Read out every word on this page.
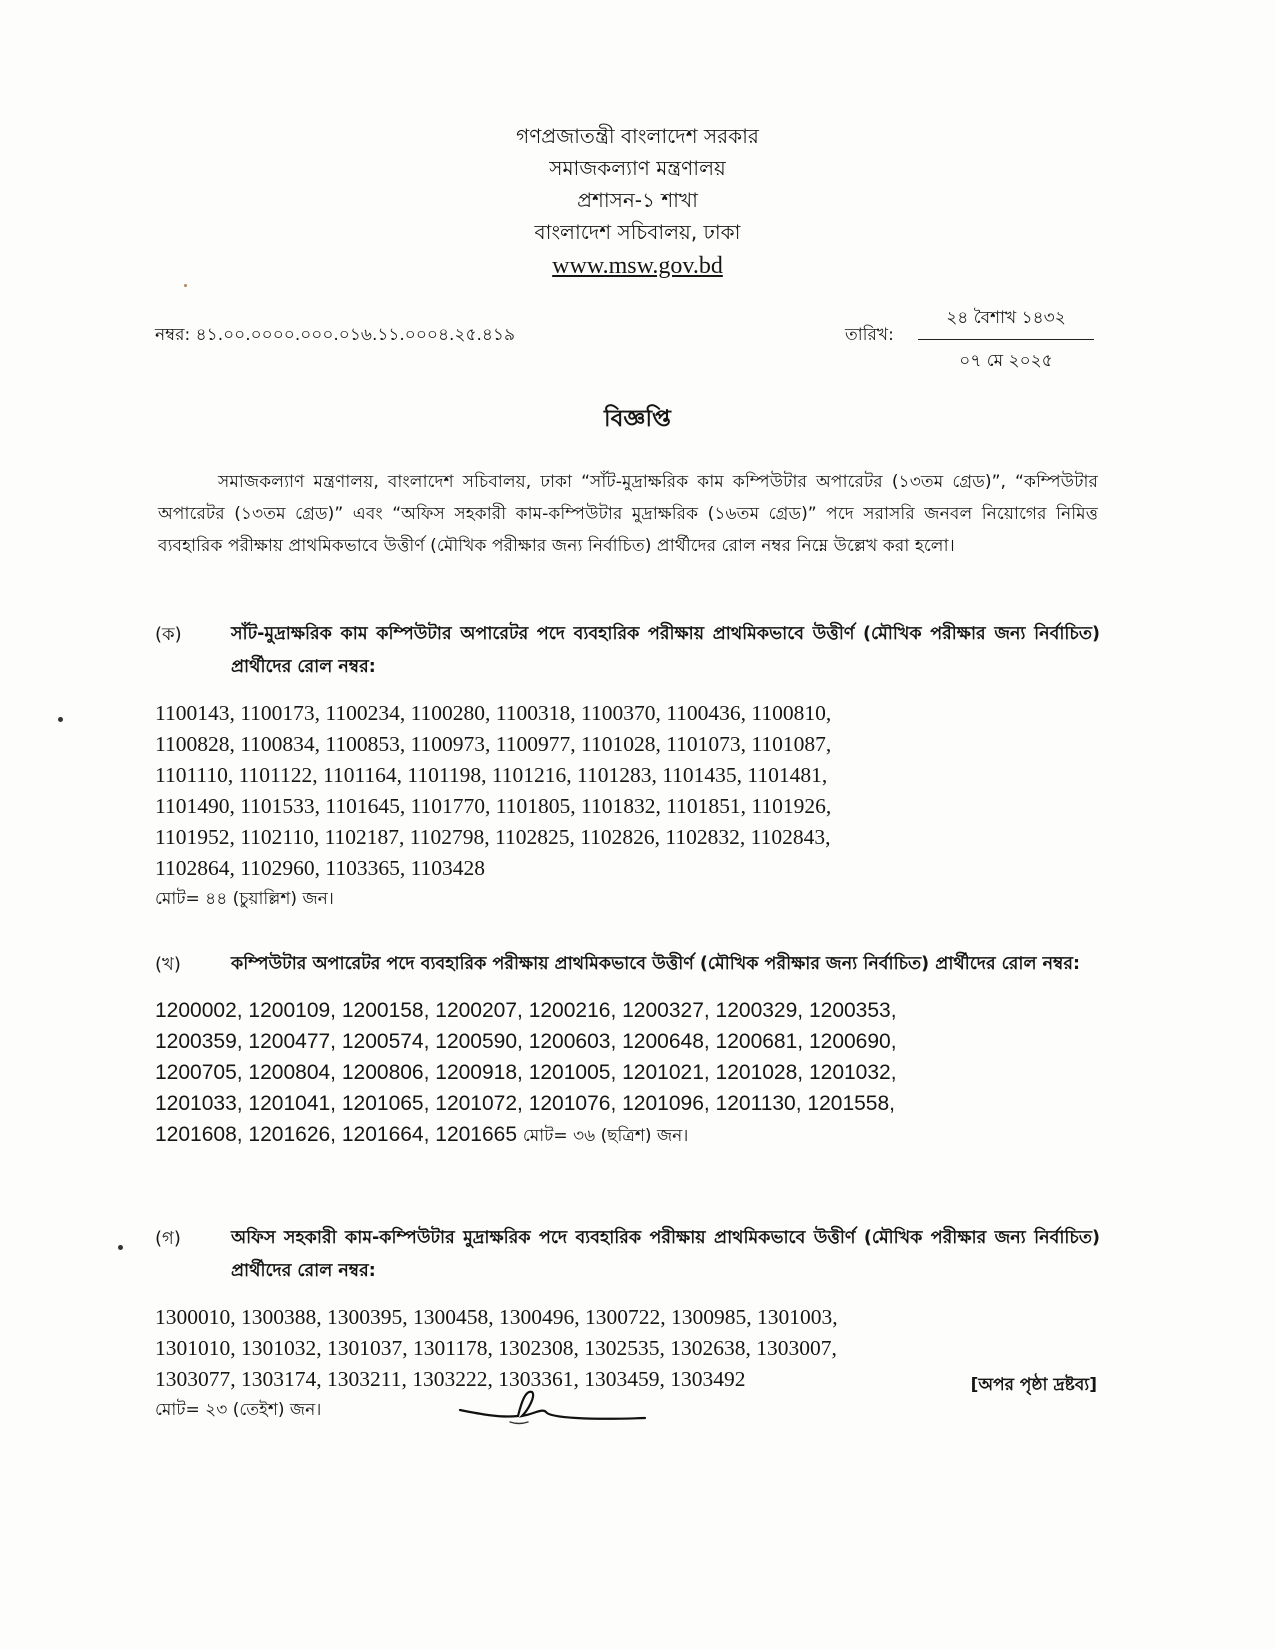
গণপ্রজাতন্ত্রী বাংলাদেশ সরকার
সমাজকল্যাণ মন্ত্রণালয়
প্রশাসন-১ শাখা
বাংলাদেশ সচিবালয়, ঢাকা
www.msw.gov.bd
নম্বর: ৪১.০০.০০০০.০০০.০১৬.১১.০০০৪.২৫.৪১৯	তারিখ:
২৪ বৈশাখ ১৪৩২
০৭ মে ২০২৫
বিজ্ঞপ্তি
সমাজকল্যাণ মন্ত্রণালয়, বাংলাদেশ সচিবালয়, ঢাকা “সাঁট-মুদ্রাক্ষরিক কাম কম্পিউটার অপারেটর (১৩তম গ্রেড)”, “কম্পিউটার অপারেটর (১৩তম গ্রেড)” এবং “অফিস সহকারী কাম-কম্পিউটার মুদ্রাক্ষরিক (১৬তম গ্রেড)” পদে সরাসরি জনবল নিয়োগের নিমিত্ত ব্যবহারিক পরীক্ষায় প্রাথমিকভাবে উত্তীর্ণ (মৌখিক পরীক্ষার জন্য নির্বাচিত) প্রার্থীদের রোল নম্বর নিম্নে উল্লেখ করা হলো।
(ক)	সাঁট-মুদ্রাক্ষরিক কাম কম্পিউটার অপারেটর পদে ব্যবহারিক পরীক্ষায় প্রাথমিকভাবে উত্তীর্ণ (মৌখিক পরীক্ষার জন্য নির্বাচিত) প্রার্থীদের রোল নম্বর:
1100143, 1100173, 1100234, 1100280, 1100318, 1100370, 1100436, 1100810,
1100828, 1100834, 1100853, 1100973, 1100977, 1101028, 1101073, 1101087,
1101110, 1101122, 1101164, 1101198, 1101216, 1101283, 1101435, 1101481,
1101490, 1101533, 1101645, 1101770, 1101805, 1101832, 1101851, 1101926,
1101952, 1102110, 1102187, 1102798, 1102825, 1102826, 1102832, 1102843,
1102864, 1102960, 1103365, 1103428
মোট= ৪৪ (চুয়াল্লিশ) জন।
(খ)	কম্পিউটার অপারেটর পদে ব্যবহারিক পরীক্ষায় প্রাথমিকভাবে উত্তীর্ণ (মৌখিক পরীক্ষার জন্য নির্বাচিত) প্রার্থীদের রোল নম্বর:
1200002, 1200109, 1200158, 1200207, 1200216, 1200327, 1200329, 1200353,
1200359, 1200477, 1200574, 1200590, 1200603, 1200648, 1200681, 1200690,
1200705, 1200804, 1200806, 1200918, 1201005, 1201021, 1201028, 1201032,
1201033, 1201041, 1201065, 1201072, 1201076, 1201096, 1201130, 1201558,
1201608, 1201626, 1201664, 1201665 মোট= ৩৬ (ছত্রিশ) জন।
(গ)	অফিস সহকারী কাম-কম্পিউটার মুদ্রাক্ষরিক পদে ব্যবহারিক পরীক্ষায় প্রাথমিকভাবে উত্তীর্ণ (মৌখিক পরীক্ষার জন্য নির্বাচিত) প্রার্থীদের রোল নম্বর:
1300010, 1300388, 1300395, 1300458, 1300496, 1300722, 1300985, 1301003,
1301010, 1301032, 1301037, 1301178, 1302308, 1302535, 1302638, 1303007,
1303077, 1303174, 1303211, 1303222, 1303361, 1303459, 1303492
মোট= ২৩ (তেইশ) জন।
[অপর পৃষ্ঠা দ্রষ্টব্য]
